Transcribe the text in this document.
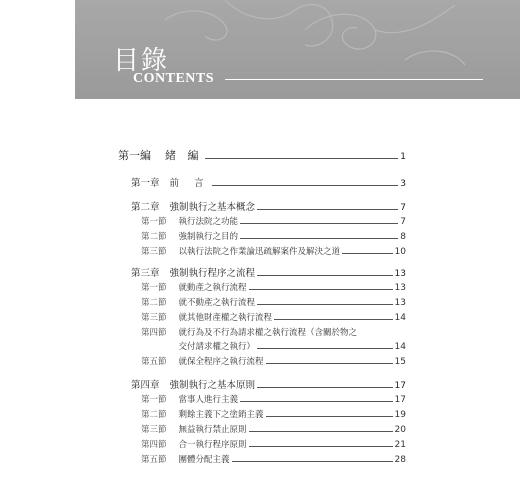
目錄
CONTENTS
第一編 緒 編	1
第一章 前 言	3
第二章 強制執行之基本概念	7
第一節 執行法院之功能	7
第二節 強制執行之目的	8
第三節 以執行法院之作業論迅疏解案件及解決之道	10
第三章 強制執行程序之流程	13
第一節 就動產之執行流程	13
第二節 就不動產之執行流程	13
第三節 就其他財產權之執行流程	14
第四節 就行為及不行為請求權之執行流程（含關於物之
交付請求權之執行）	14
第五節 就保全程序之執行流程	15
第四章 強制執行之基本原則	17
第一節 當事人進行主義	17
第二節 剩餘主義下之塗銷主義	19
第三節 無益執行禁止原則	20
第四節 合一執行程序原則	21
第五節 團體分配主義	28
